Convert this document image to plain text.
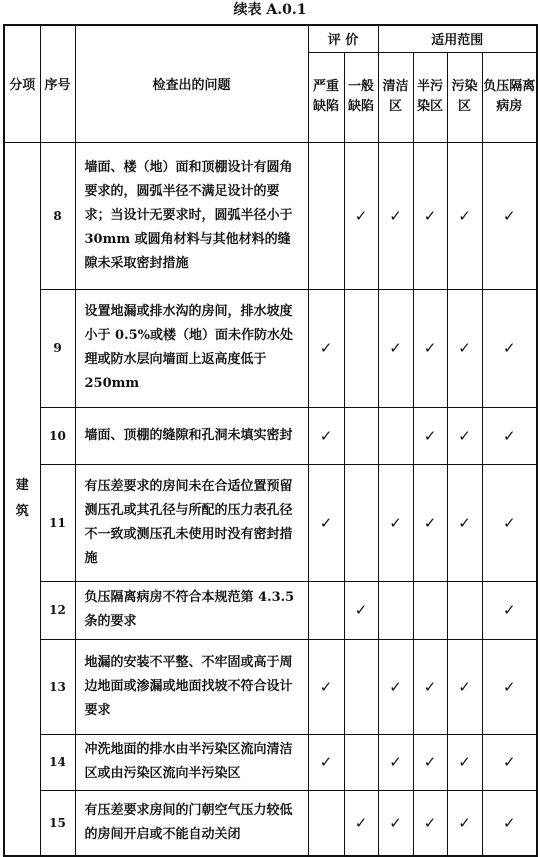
续表 A.0.1
分项	序号	检查出的问题	评 价		适用范围			
			严重缺陷	一般缺陷	清洁区	半污染区	污染区	负压隔离病房

建
筑	8	墙面、楼（地）面和顶棚设计有圆角要求的，圆弧半径不满足设计的要求；当设计无要求时，圆弧半径小于 30mm 或圆角材料与其他材料的缝隙未采取密封措施		✓	✓	✓	✓	✓
	9	设置地漏或排水沟的房间，排水坡度小于 0.5%或楼（地）面未作防水处理或防水层向墙面上返高度低于 250mm	✓		✓	✓	✓	✓
	10	墙面、顶棚的缝隙和孔洞未填实密封	✓			✓	✓	✓
	11	有压差要求的房间未在合适位置预留测压孔或其孔径与所配的压力表孔径不一致或测压孔未使用时没有密封措施	✓		✓	✓	✓	✓
	12	负压隔离病房不符合本规范第 4.3.5 条的要求		✓				✓
	13	地漏的安装不平整、不牢固或高于周边地面或渗漏或地面找坡不符合设计要求	✓		✓	✓	✓	✓
	14	冲洗地面的排水由半污染区流向清洁区或由污染区流向半污染区	✓		✓	✓	✓	✓
	15	有压差要求房间的门朝空气压力较低的房间开启或不能自动关闭		✓	✓	✓	✓	✓
